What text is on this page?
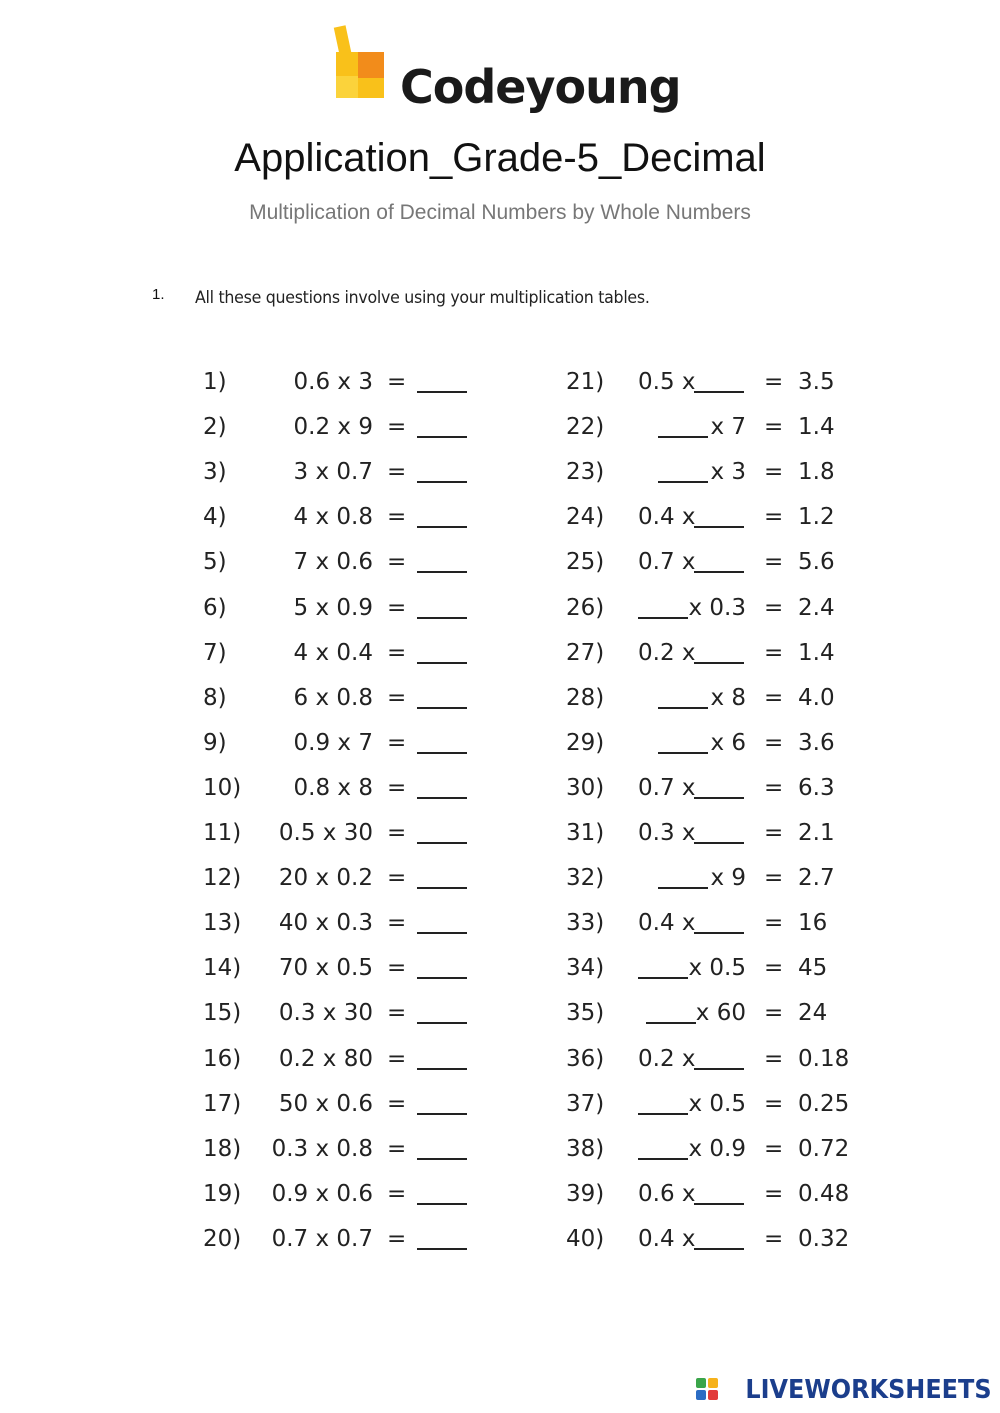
Codeyoung
Application_Grade-5_Decimal
Multiplication of Decimal Numbers by Whole Numbers
1. All these questions involve using your multiplication tables.
1)	0.6 x 3 =
2)	0.2 x 9 =
3)	3 x 0.7 =
4)	4 x 0.8 =
5)	7 x 0.6 =
6)	5 x 0.9 =
7)	4 x 0.4 =
8)	6 x 0.8 =
9)	0.9 x 7 =
10) 0.8 x 8 =
11) 0.5 x 30 =
12) 20 x 0.2 =
13) 40 x 0.3 =
14) 70 x 0.5 =
15) 0.3 x 30 =
16) 0.2 x 80 =
17) 50 x 0.6 =
18) 0.3 x 0.8 =
19) 0.9 x 0.6 =
20) 0.7 x 0.7 =
21) 0.5 x	= 3.5
22)	x 7 = 1.4
23)	x 3 = 1.8
24) 0.4 x	= 1.2
25) 0.7 x	= 5.6
26)	x 0.3 = 2.4
27) 0.2 x	= 1.4
28)	x 8 = 4.0
29)	x 6 = 3.6
30) 0.7 x	= 6.3
31) 0.3 x	= 2.1
32)	x 9 = 2.7
33) 0.4 x	= 16
34)	x 0.5 = 45
35)	x 60 = 24
36) 0.2 x	= 0.18
37)	x 0.5 = 0.25
38)	x 0.9 = 0.72
39) 0.6 x	= 0.48
40) 0.4 x	= 0.32
LIVEWORKSHEETS
